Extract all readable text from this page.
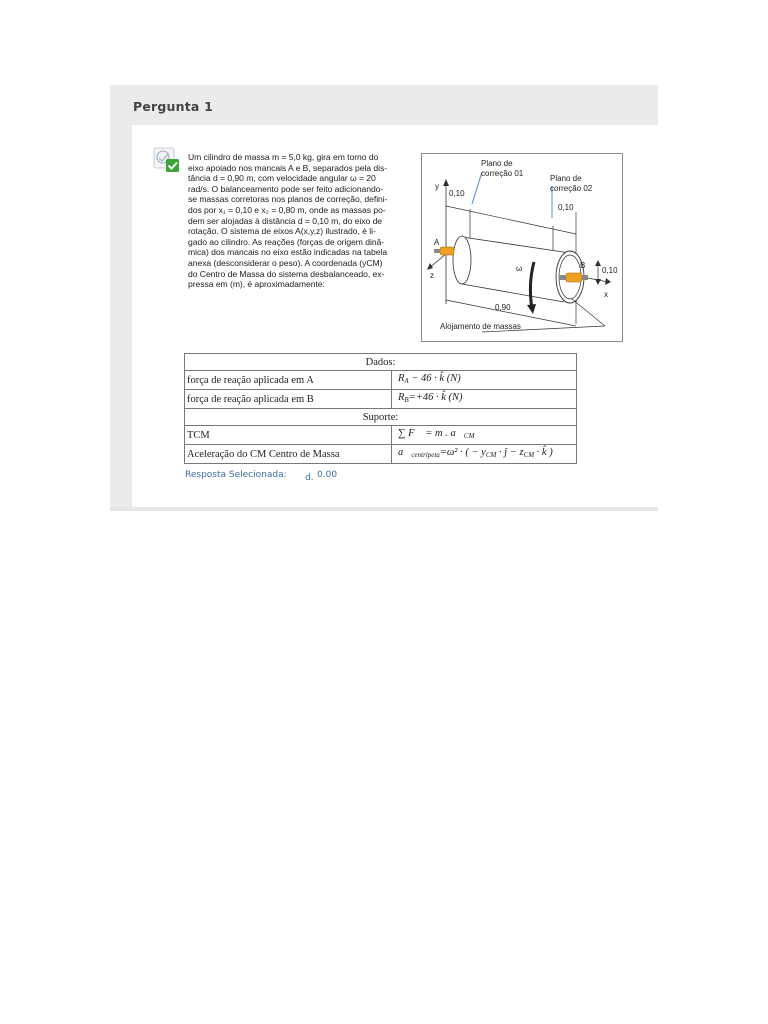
Pergunta 1
Um cilindro de massa m = 5,0 kg, gira em torno do
eixo apoiado nos mancais A e B, separados pela dis-
tância d = 0,90 m, com velocidade angular ω = 20
rad/s. O balanceamento pode ser feito adicionando-
se massas corretoras nos planos de correção, defini-
dos por x₁ = 0,10 e x₂ = 0,80 m, onde as massas po-
dem ser alojadas à distância d = 0,10 m, do eixo de
rotação. O sistema de eixos A(x,y,z) ilustrado, é li-
gado ao cilindro. As reações (forças de origem dinâ-
mica) dos mancais no eixo estão indicadas na tabela
anexa (desconsiderar o peso). A coordenada (yCM)
do Centro de Massa do sistema desbalanceado, ex-
pressa em (m), é aproximadamente:
Plano de
correção 01
Plano de
correção 02
y
0,10
0,10
A
z
ω	B
0,10
x
0,90
Alojamento de massas
Dados:	
força de reação aplicada em A	$R_A - 46$ · k̂ (N)
força de reação aplicada em B	$R_B=+46$ · k̂ (N)
Suporte:	
TCM	∑ F⃗ = m . $a⃗_{CM}$
Aceleração do CM Centro de Massa	$a⃗_{centripeta}=\omega^2$ · ( − $y_{CM}$ · ĵ − $z_{CM}$ · k̂ )
Resposta Selecionada: d. 0.00
